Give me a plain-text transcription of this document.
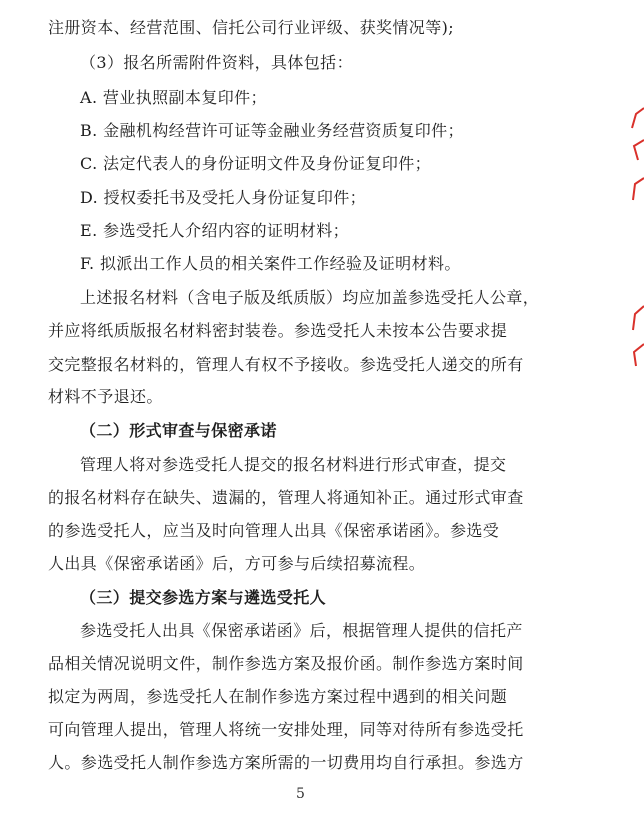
注册资本、经营范围、信托公司行业评级、获奖情况等);
（3）报名所需附件资料，具体包括：
A. 营业执照副本复印件；
B. 金融机构经营许可证等金融业务经营资质复印件；
C. 法定代表人的身份证明文件及身份证复印件；
D. 授权委托书及受托人身份证复印件；
E. 参选受托人介绍内容的证明材料；
F. 拟派出工作人员的相关案件工作经验及证明材料。
上述报名材料（含电子版及纸质版）均应加盖参选受托人公章，
并应将纸质版报名材料密封装卷。参选受托人未按本公告要求提
交完整报名材料的，管理人有权不予接收。参选受托人递交的所有
材料不予退还。
（二）形式审查与保密承诺
管理人将对参选受托人提交的报名材料进行形式审查，提交
的报名材料存在缺失、遗漏的，管理人将通知补正。通过形式审查
的参选受托人，应当及时向管理人出具《保密承诺函》。参选受
人出具《保密承诺函》后，方可参与后续招募流程。
（三）提交参选方案与遴选受托人
参选受托人出具《保密承诺函》后，根据管理人提供的信托产
品相关情况说明文件，制作参选方案及报价函。制作参选方案时间
拟定为两周，参选受托人在制作参选方案过程中遇到的相关问题
可向管理人提出，管理人将统一安排处理，同等对待所有参选受托
人。参选受托人制作参选方案所需的一切费用均自行承担。参选方
5
